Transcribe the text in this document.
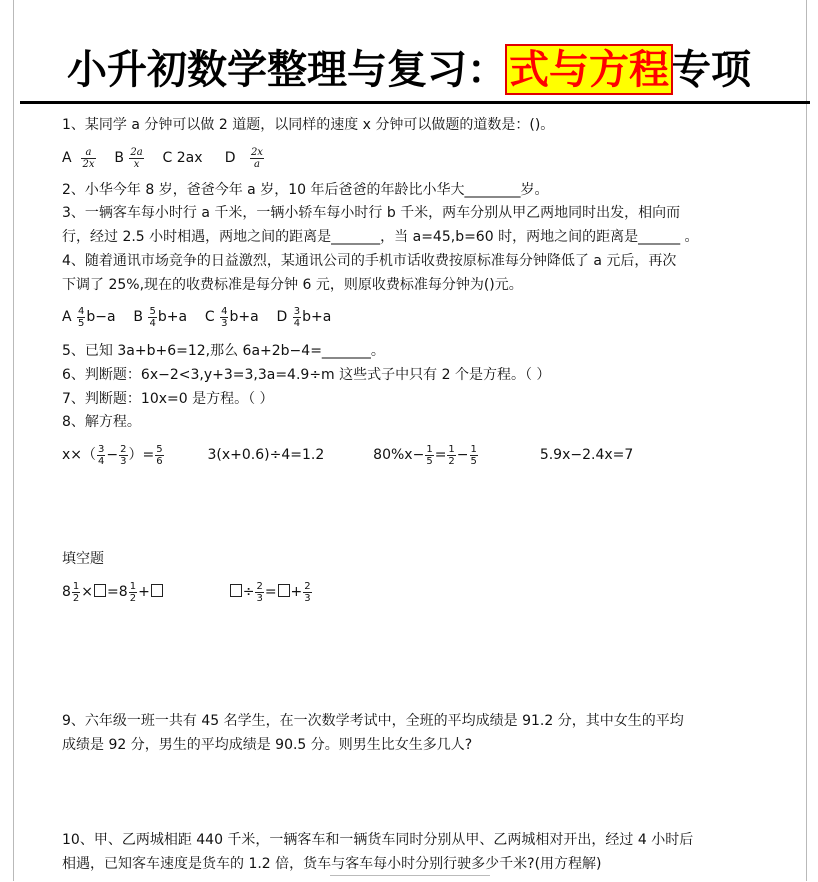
小升初数学整理与复习：式与方程专项
1、某同学 a 分钟可以做 2 道题，以同样的速度 x 分钟可以做题的道数是：()。
A $\frac{a}{2x}$ B $\frac{2a}{x}$ C 2ax D $\frac{2x}{a}$
2、小华今年 8 岁，爸爸今年 a 岁，10 年后爸爸的年龄比小华大________岁。
3、一辆客车每小时行 a 千米，一辆小轿车每小时行 b 千米，两车分别从甲乙两地同时出发，相向而
行，经过 2.5 小时相遇，两地之间的距离是_______，当 a=45,b=60 时，两地之间的距离是______ 。
4、随着通讯市场竞争的日益激烈，某通讯公司的手机市话收费按原标准每分钟降低了 a 元后，再次
下调了 25%,现在的收费标准是每分钟 6 元，则原收费标准每分钟为()元。
A $\frac{4}{5} b-a$ B $\frac{5}{4} b+a$ C $\frac{4}{3} b+a$ D $\frac{3}{4} b+a$
5、已知 3a+b+6=12,那么 6a+2b−4=_______。
6、判断题：6x−2<3,y+3=3,3a=4.9÷m 这些式子中只有 2 个是方程。（ ）
7、判断题：10x=0 是方程。（ ）
8、解方程。
$x\times( \frac{3}{4} - \frac{2}{3}$ ）= $\frac{5}{6}$	3(x+0.6)÷4=1.2	$80\%x- \frac{1}{5} = \frac{1}{2} - \frac{1}{5}$	5.9x−2.4x=7
填空题
$8 \frac{1}{2} \times =8 \frac{1}{2}$ +	÷ $\frac{2}{3}$ = + $\frac{2}{3}$
9、六年级一班一共有 45 名学生，在一次数学考试中，全班的平均成绩是 91.2 分，其中女生的平均
成绩是 92 分，男生的平均成绩是 90.5 分。则男生比女生多几人?
10、甲、乙两城相距 440 千米，一辆客车和一辆货车同时分别从甲、乙两城相对开出，经过 4 小时后
相遇，已知客车速度是货车的 1.2 倍，货车与客车每小时分别行驶多少千米?(用方程解)
